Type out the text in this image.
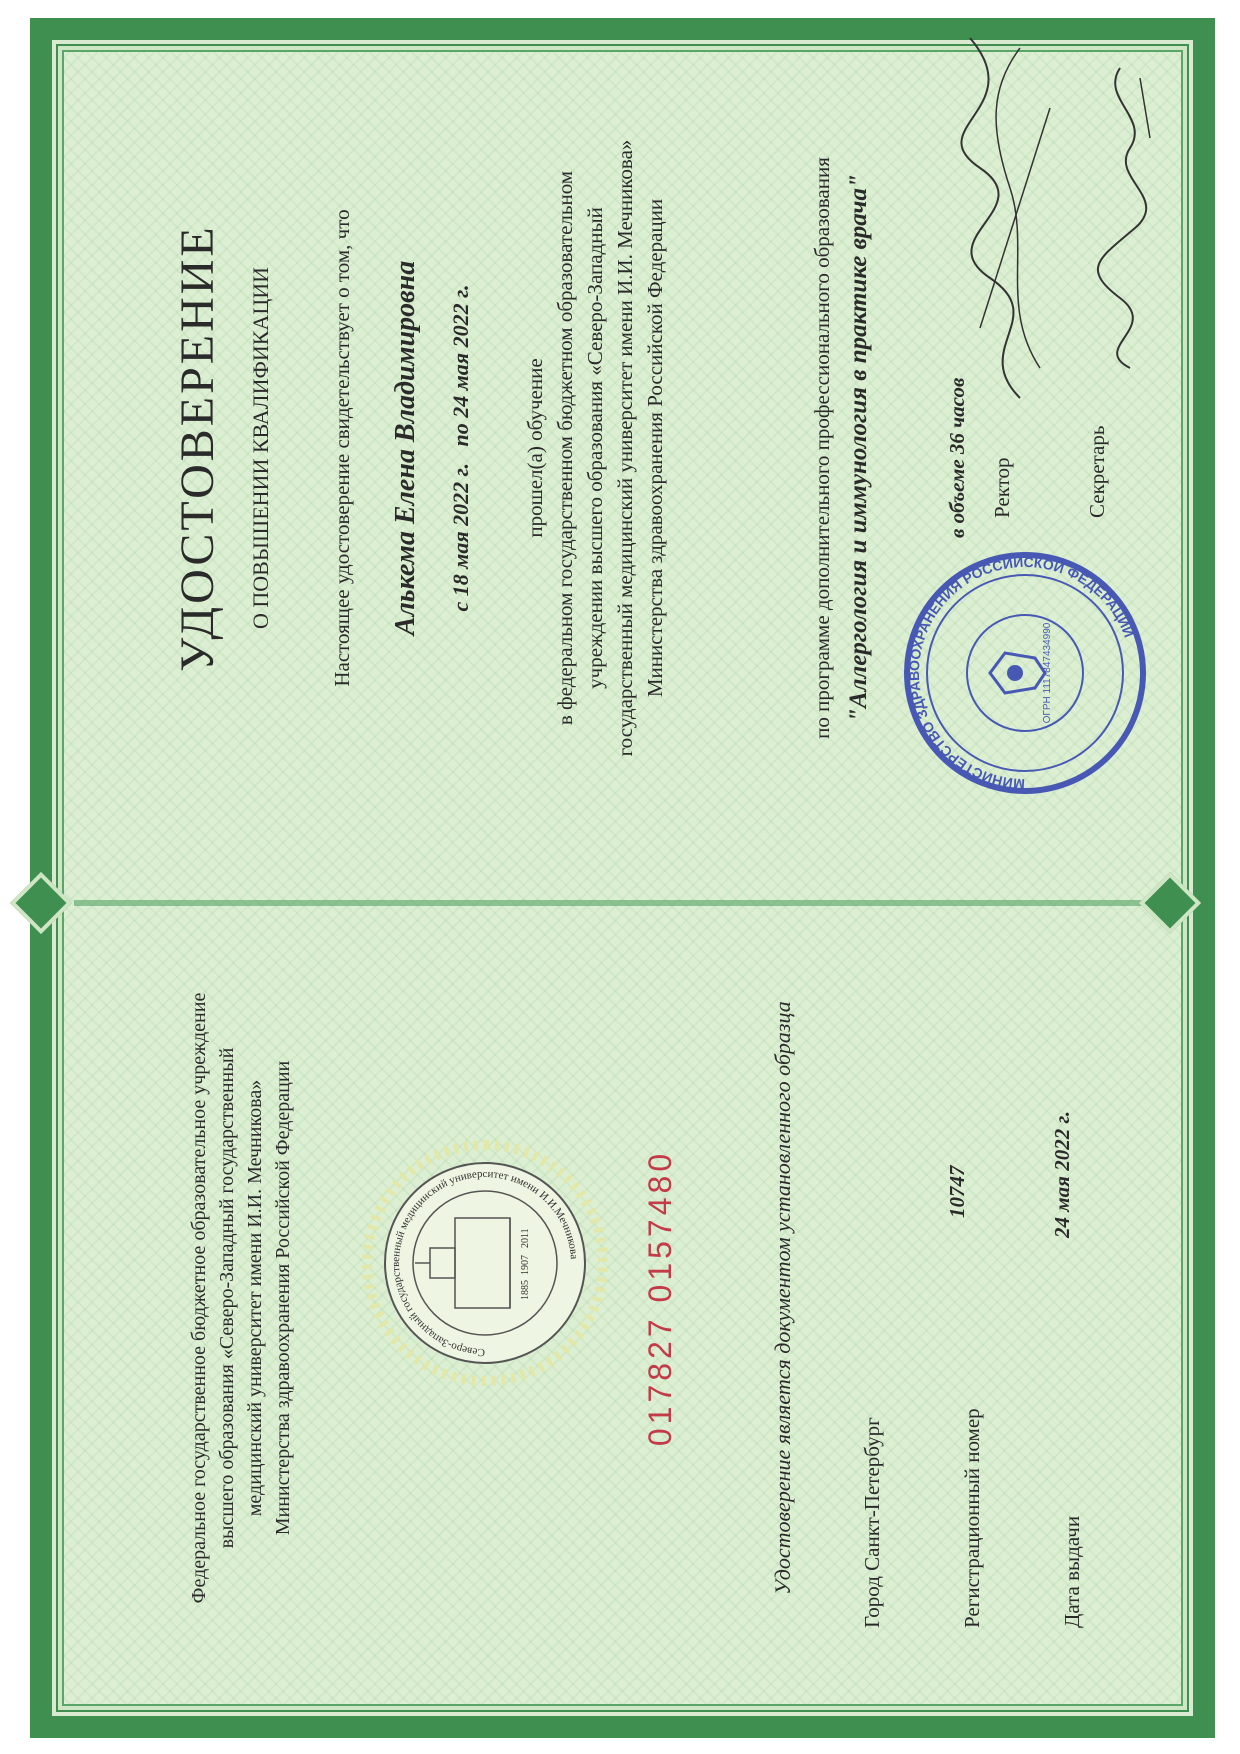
Федеральное государственное бюджетное образовательное учреждение высшего образования «Северо-Западный государственный медицинский университет имени И.И. Мечникова» Министерства здравоохранения Российской Федерации	Северо-Западный государственный медицинский университет имени И.И.Мечникова
1885
1907
2011	017827 0157480	Удостоверение является документом установленного образца	Город Санкт-Петербург	Регистрационный номер
10747
Дата выдачи
24 мая 2022 г.
УДОСТОВЕРЕНИЕ О ПОВЫШЕНИИ КВАЛИФИКАЦИИ	Настоящее удостоверение свидетельствует о том, что Алькема Елена Владимировна с 18 мая 2022 г.   по 24 мая 2022 г. прошел(а) обучение в федеральном государственном бюджетном образовательном учреждении высшего образования «Северо-Западный государственный медицинский университет имени И.И. Мечникова» Министерства здравоохранения Российской Федерации	по программе дополнительного профессионального образования "Аллергология и иммунология в практике врача"	в объеме 36 часов Ректор	Секретарь
МИНИСТЕРСТВО ЗДРАВООХРАНЕНИЯ РОССИЙСКОЙ ФЕДЕРАЦИИ
ОГРН 1117847434990
